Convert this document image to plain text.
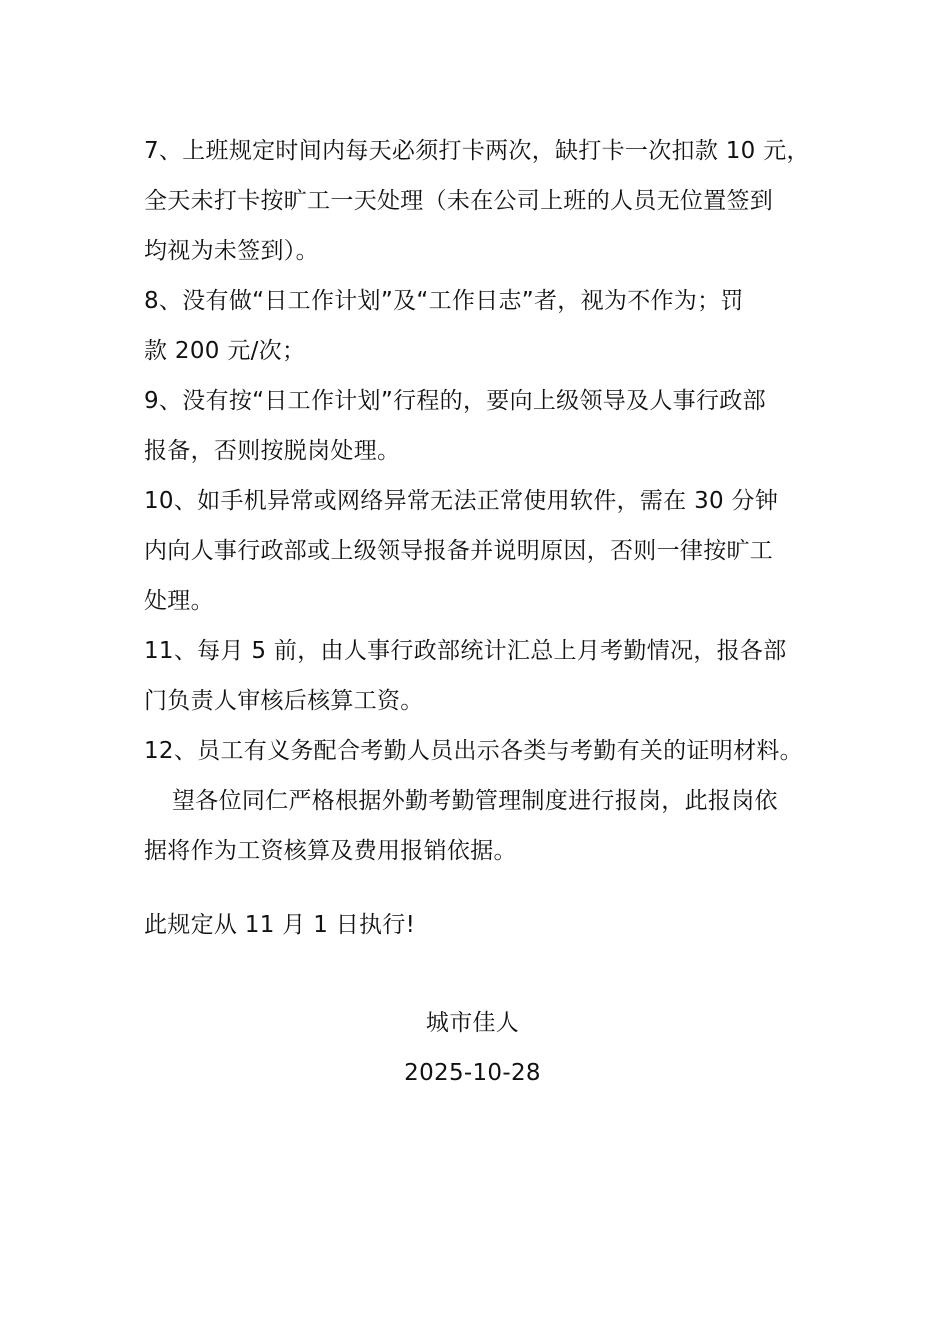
7、上班规定时间内每天必须打卡两次，缺打卡一次扣款 10 元，
全天未打卡按旷工一天处理（未在公司上班的人员无位置签到
均视为未签到）。
8、没有做“日工作计划”及“工作日志”者，视为不作为；罚
款 200 元/次；
9、没有按“日工作计划”行程的，要向上级领导及人事行政部
报备，否则按脱岗处理。
10、如手机异常或网络异常无法正常使用软件，需在 30 分钟
内向人事行政部或上级领导报备并说明原因，否则一律按旷工
处理。
11、每月 5 前，由人事行政部统计汇总上月考勤情况，报各部
门负责人审核后核算工资。
12、员工有义务配合考勤人员出示各类与考勤有关的证明材料。
望各位同仁严格根据外勤考勤管理制度进行报岗，此报岗依
据将作为工资核算及费用报销依据。
此规定从 11 月 1 日执行!
城市佳人
2025-10-28
